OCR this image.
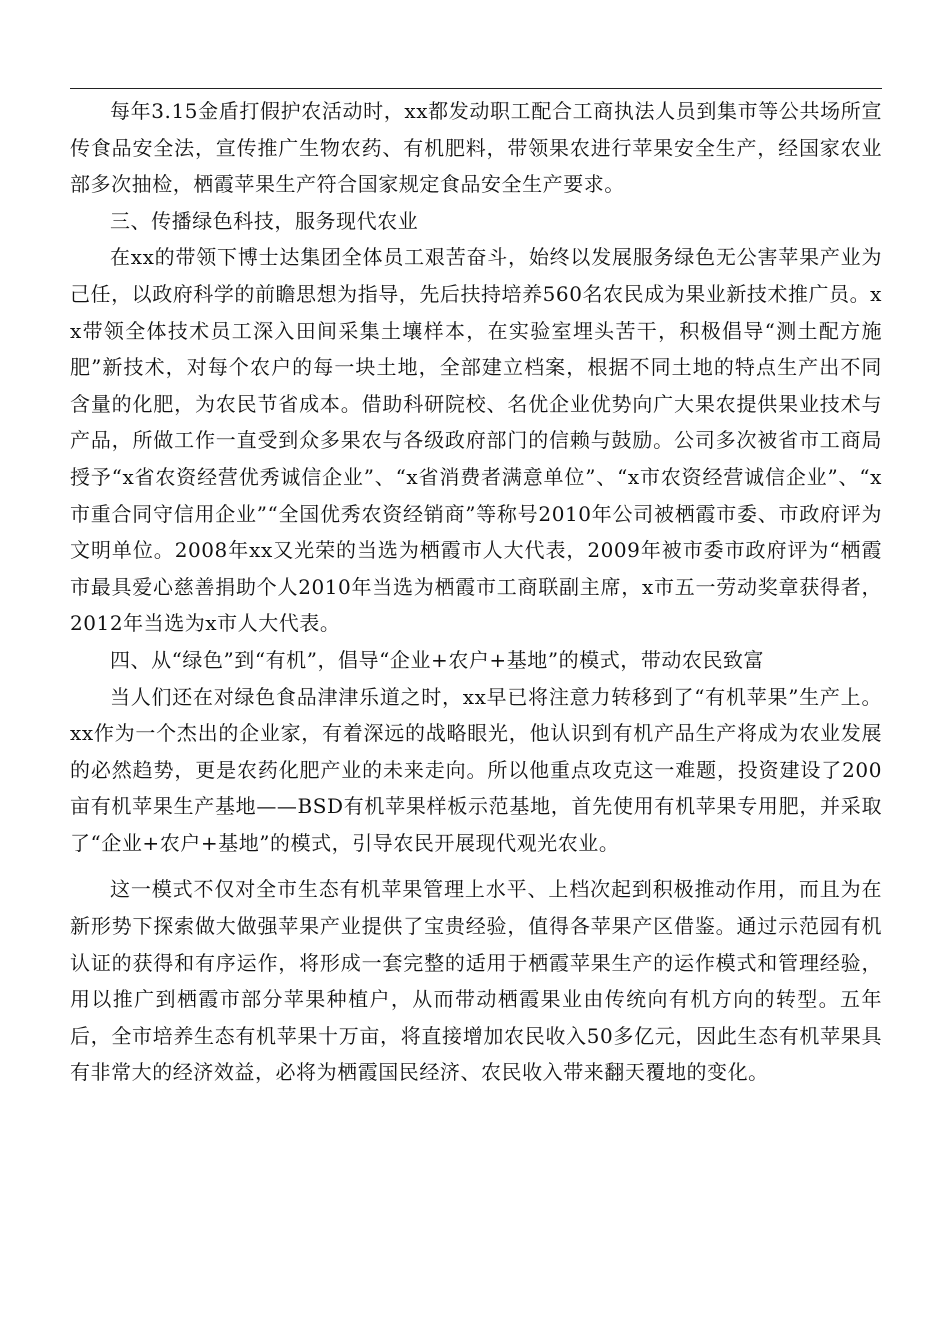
每年3.15金盾打假护农活动时，xx都发动职工配合工商执法人员到集市等公共场所宣传食品安全法，宣传推广生物农药、有机肥料，带领果农进行苹果安全生产，经国家农业部多次抽检，栖霞苹果生产符合国家规定食品安全生产要求。

三、传播绿色科技，服务现代农业

在xx的带领下博士达集团全体员工艰苦奋斗，始终以发展服务绿色无公害苹果产业为己任，以政府科学的前瞻思想为指导，先后扶持培养560名农民成为果业新技术推广员。xx带领全体技术员工深入田间采集土壤样本，在实验室埋头苦干，积极倡导“测土配方施肥”新技术，对每个农户的每一块土地，全部建立档案，根据不同土地的特点生产出不同含量的化肥，为农民节省成本。借助科研院校、名优企业优势向广大果农提供果业技术与产品，所做工作一直受到众多果农与各级政府部门的信赖与鼓励。公司多次被省市工商局授予“x省农资经营优秀诚信企业”、“x省消费者满意单位”、“x市农资经营诚信企业”、“x市重合同守信用企业”“全国优秀农资经销商”等称号2010年公司被栖霞市委、市政府评为文明单位。2008年xx又光荣的当选为栖霞市人大代表，2009年被市委市政府评为“栖霞市最具爱心慈善捐助个人2010年当选为栖霞市工商联副主席，x市五一劳动奖章获得者，2012年当选为x市人大代表。

四、从“绿色”到“有机”，倡导“企业+农户+基地”的模式，带动农民致富

当人们还在对绿色食品津津乐道之时，xx早已将注意力转移到了“有机苹果”生产上。xx作为一个杰出的企业家，有着深远的战略眼光，他认识到有机产品生产将成为农业发展的必然趋势，更是农药化肥产业的未来走向。所以他重点攻克这一难题，投资建设了200亩有机苹果生产基地——BSD有机苹果样板示范基地，首先使用有机苹果专用肥，并采取了“企业+农户+基地”的模式，引导农民开展现代观光农业。

这一模式不仅对全市生态有机苹果管理上水平、上档次起到积极推动作用，而且为在新形势下探索做大做强苹果产业提供了宝贵经验，值得各苹果产区借鉴。通过示范园有机认证的获得和有序运作，将形成一套完整的适用于栖霞苹果生产的运作模式和管理经验，用以推广到栖霞市部分苹果种植户，从而带动栖霞果业由传统向有机方向的转型。五年后，全市培养生态有机苹果十万亩，将直接增加农民收入50多亿元，因此生态有机苹果具有非常大的经济效益，必将为栖霞国民经济、农民收入带来翻天覆地的变化。
